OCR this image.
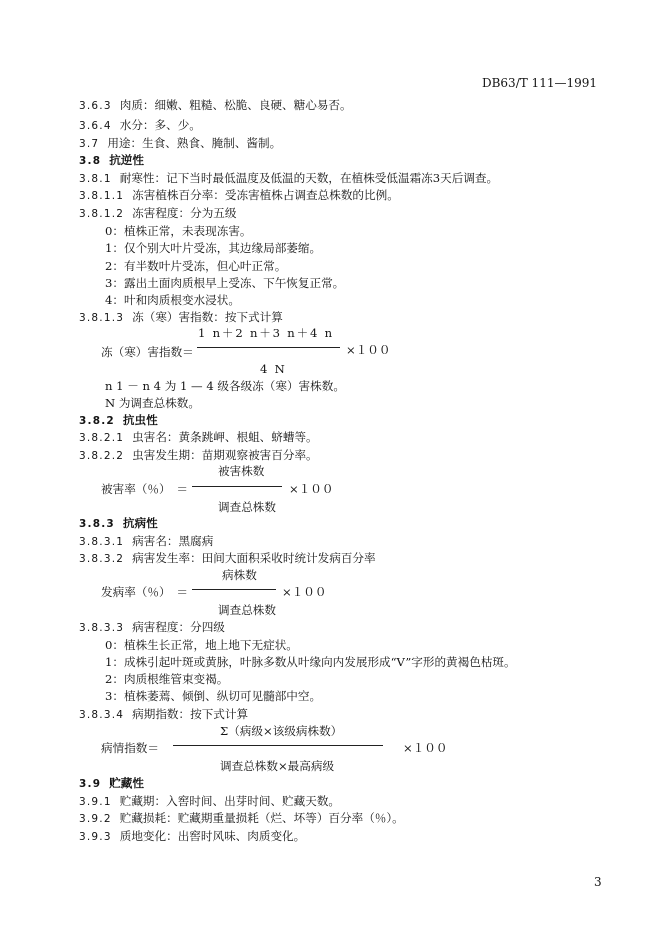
DB63/T 111—1991
3.6.3 肉质：细嫩、粗糙、松脆、良硬、糖心易否。
3.6.4 水分：多、少。
3.7 用途：生食、熟食、腌制、酱制。
3.8 抗逆性
3.8.1 耐寒性：记下当时最低温度及低温的天数，在植株受低温霜冻3天后调查。
3.8.1.1 冻害植株百分率：受冻害植株占调查总株数的比例。
3.8.1.2 冻害程度：分为五级
0：植株正常，未表现冻害。
1：仅个别大叶片受冻，其边缘局部萎缩。
2：有半数叶片受冻，但心叶正常。
3：露出土面肉质根早上受冻、下午恢复正常。
4：叶和肉质根变水浸状。
3.8.1.3 冻（寒）害指数：按下式计算
1 n＋2 n＋3 n＋4 n
冻（寒）害指数＝	×１００
4 N
n 1 － n 4 为 1 — 4 级各级冻（寒）害株数。
N 为调查总株数。
3.8.2 抗虫性
3.8.2.1 虫害名：黄条跳岬、根蛆、蛴螬等。
3.8.2.2 虫害发生期：苗期观察被害百分率。
被害株数
被害率（％）　＝	×１００
调查总株数
3.8.3 抗病性
3.8.3.1 病害名：黑腐病
3.8.3.2 病害发生率：田间大面积采收时统计发病百分率
病株数
发病率（％）　＝	×１００
调查总株数
3.8.3.3 病害程度：分四级
0：植株生长正常，地上地下无症状。
1：成株引起叶斑或黄脉，叶脉多数从叶缘向内发展形成“V”字形的黄褐色枯斑。
2：肉质根维管束变褐。
3：植株萎蔫、倾倒、纵切可见髓部中空。
3.8.3.4 病期指数：按下式计算
Σ（病级×该级病株数）
病情指数＝	×１００
调查总株数×最高病级
3.9 贮藏性
3.9.1 贮藏期：入窖时间、出芽时间、贮藏天数。
3.9.2 贮藏损耗：贮藏期重量损耗（烂、坏等）百分率（％）。
3.9.3 质地变化：出窖时风味、肉质变化。
3
